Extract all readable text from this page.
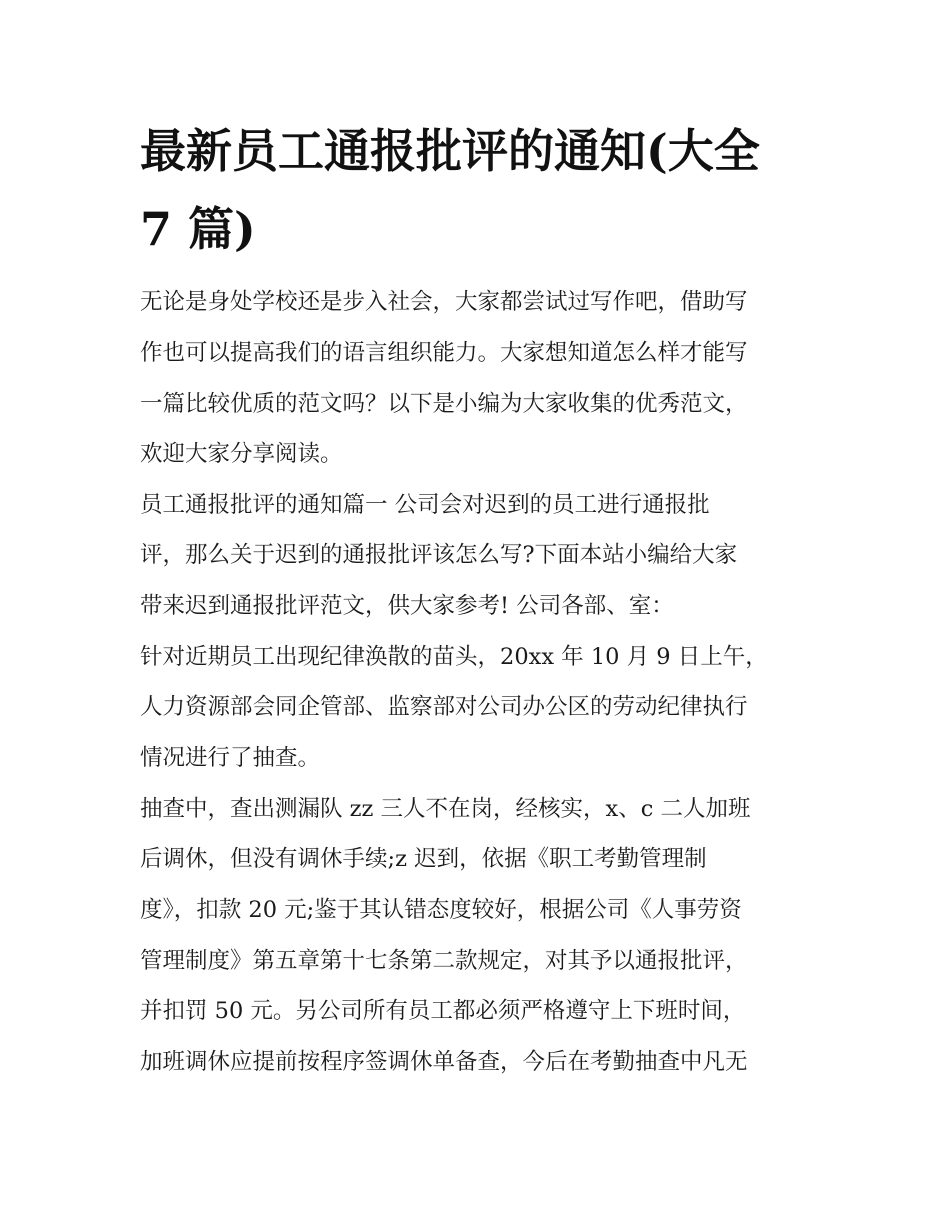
最新员工通报批评的通知(大全
7 篇)

无论是身处学校还是步入社会，大家都尝试过写作吧，借助写

作也可以提高我们的语言组织能力。大家想知道怎么样才能写

一篇比较优质的范文吗？以下是小编为大家收集的优秀范文，

欢迎大家分享阅读。

员工通报批评的通知篇一 公司会对迟到的员工进行通报批

评，那么关于迟到的通报批评该怎么写?下面本站小编给大家

带来迟到通报批评范文，供大家参考! 公司各部、室：

针对近期员工出现纪律涣散的苗头，20xx 年 10 月 9 日上午，

人力资源部会同企管部、监察部对公司办公区的劳动纪律执行

情况进行了抽查。

抽查中，查出测漏队 zz 三人不在岗，经核实，x、c 二人加班

后调休，但没有调休手续;z 迟到，依据《职工考勤管理制

度》，扣款 20 元;鉴于其认错态度较好，根据公司《人事劳资

管理制度》第五章第十七条第二款规定，对其予以通报批评，

并扣罚 50 元。另公司所有员工都必须严格遵守上下班时间，

加班调休应提前按程序签调休单备查，今后在考勤抽查中凡无
